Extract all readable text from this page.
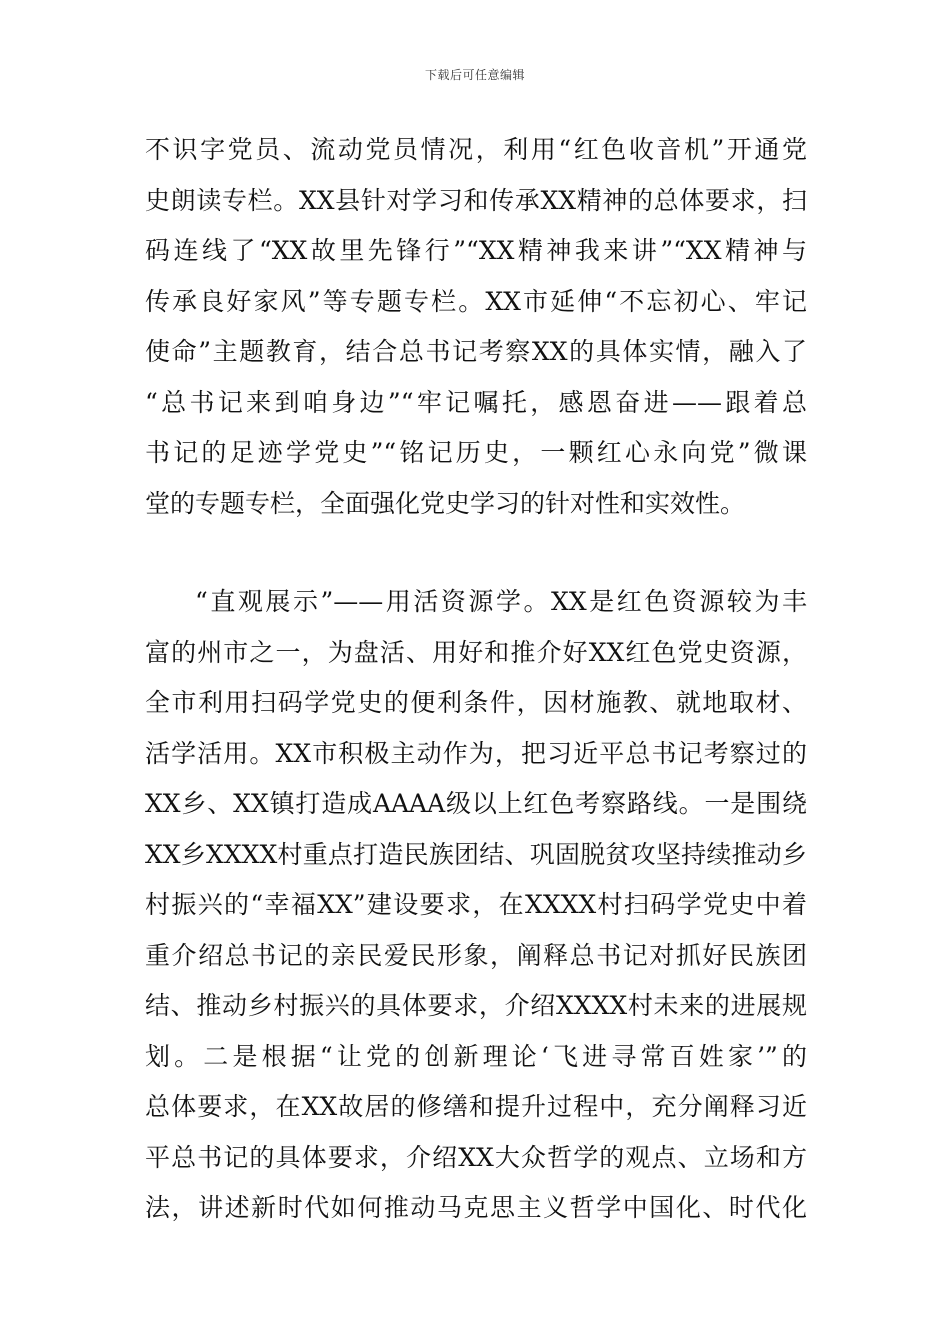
下载后可任意编辑
不识字党员、流动党员情况，利用“红色收音机”开通党
史朗读专栏。XX县针对学习和传承XX精神的总体要求，扫
码连线了“XX故里先锋行”“XX精神我来讲”“XX精神与
传承良好家风”等专题专栏。XX市延伸“不忘初心、牢记
使命”主题教育，结合总书记考察XX的具体实情，融入了
“总书记来到咱身边”“牢记嘱托，感恩奋进——跟着总
书记的足迹学党史”“铭记历史，一颗红心永向党”微课
堂的专题专栏，全面强化党史学习的针对性和实效性。
“直观展示”——用活资源学。XX是红色资源较为丰
富的州市之一，为盘活、用好和推介好XX红色党史资源，
全市利用扫码学党史的便利条件，因材施教、就地取材、
活学活用。XX市积极主动作为，把习近平总书记考察过的
XX乡、XX镇打造成AAAA级以上红色考察路线。一是围绕
XX乡XXXX村重点打造民族团结、巩固脱贫攻坚持续推动乡
村振兴的“幸福XX”建设要求，在XXXX村扫码学党史中着
重介绍总书记的亲民爱民形象，阐释总书记对抓好民族团
结、推动乡村振兴的具体要求，介绍XXXX村未来的进展规
划。二是根据“让党的创新理论‘飞进寻常百姓家’”的
总体要求，在XX故居的修缮和提升过程中，充分阐释习近
平总书记的具体要求，介绍XX大众哲学的观点、立场和方
法，讲述新时代如何推动马克思主义哲学中国化、时代化
